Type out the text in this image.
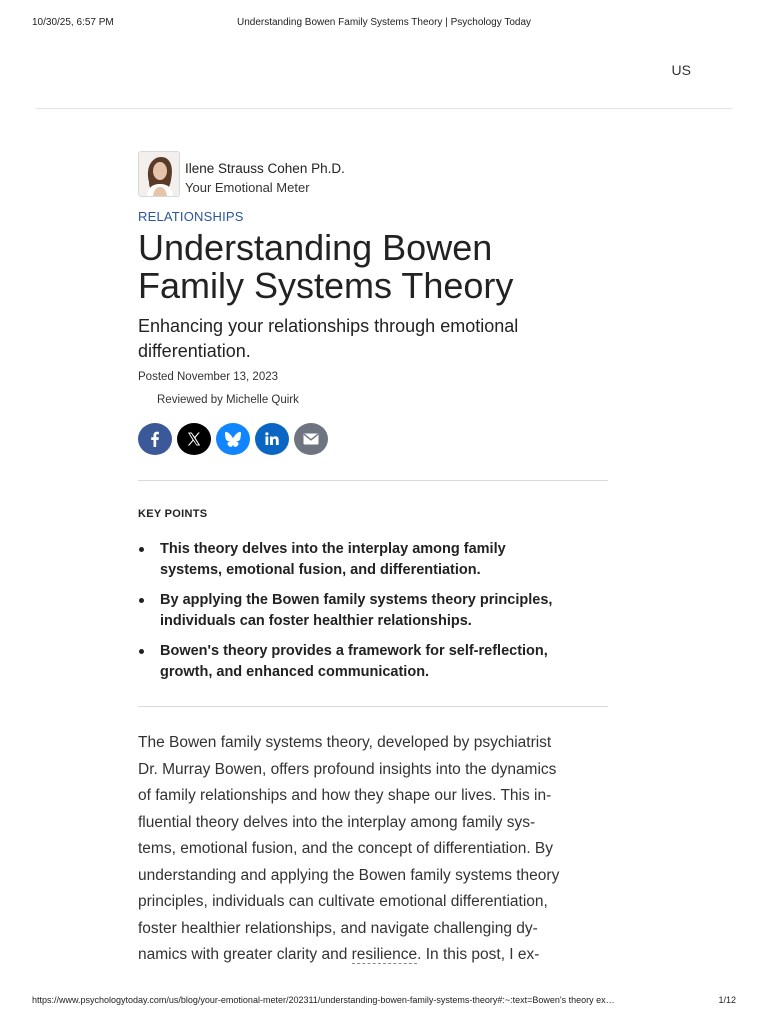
10/30/25, 6:57 PM	Understanding Bowen Family Systems Theory | Psychology Today
US
Ilene Strauss Cohen Ph.D.
Your Emotional Meter
RELATIONSHIPS
Understanding Bowen
Family Systems Theory

Enhancing your relationships through emotional
differentiation.

Posted November 13, 2023
Reviewed by Michelle Quirk
KEY POINTS
This theory delves into the interplay among family
systems, emotional fusion, and differentiation.
By applying the Bowen family systems theory principles,
individuals can foster healthier relationships.
Bowen's theory provides a framework for self-reflection,
growth, and enhanced communication.
The Bowen family systems theory, developed by psychiatrist
Dr. Murray Bowen, offers profound insights into the dynamics
of family relationships and how they shape our lives. This in-
fluential theory delves into the interplay among family sys-
tems, emotional fusion, and the concept of differentiation. By
understanding and applying the Bowen family systems theory
principles, individuals can cultivate emotional differentiation,
foster healthier relationships, and navigate challenging dy-
namics with greater clarity and resilience. In this post, I ex-
https://www.psychologytoday.com/us/blog/your-emotional-meter/202311/understanding-bowen-family-systems-theory#:~:text=Bowen's theory ex…	1/12
